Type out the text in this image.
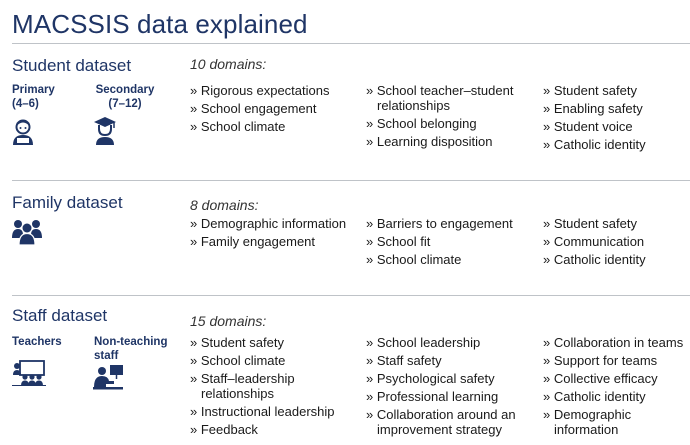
MACSSIS data explained
Student dataset	10 domains:
Primary
(4–6)
Secondary
(7–12)
» Rigorous expectations
» School engagement
» School climate
» School teacher–student relationships
» School belonging
» Learning disposition
» Student safety
» Enabling safety
» Student voice
» Catholic identity
Family dataset	8 domains:
» Demographic information
» Family engagement
» Barriers to engagement
» School fit
» School climate
» Student safety
» Communication
» Catholic identity
Staff dataset	15 domains:
Teachers	Non-teaching
staff
» Student safety
» School climate
» Staff–leadership relationships
» Instructional leadership
» Feedback
» School leadership
» Staff safety
» Psychological safety
» Professional learning
» Collaboration around an improvement strategy
» Collaboration in teams
» Support for teams
» Collective efficacy
» Catholic identity
» Demographic information
